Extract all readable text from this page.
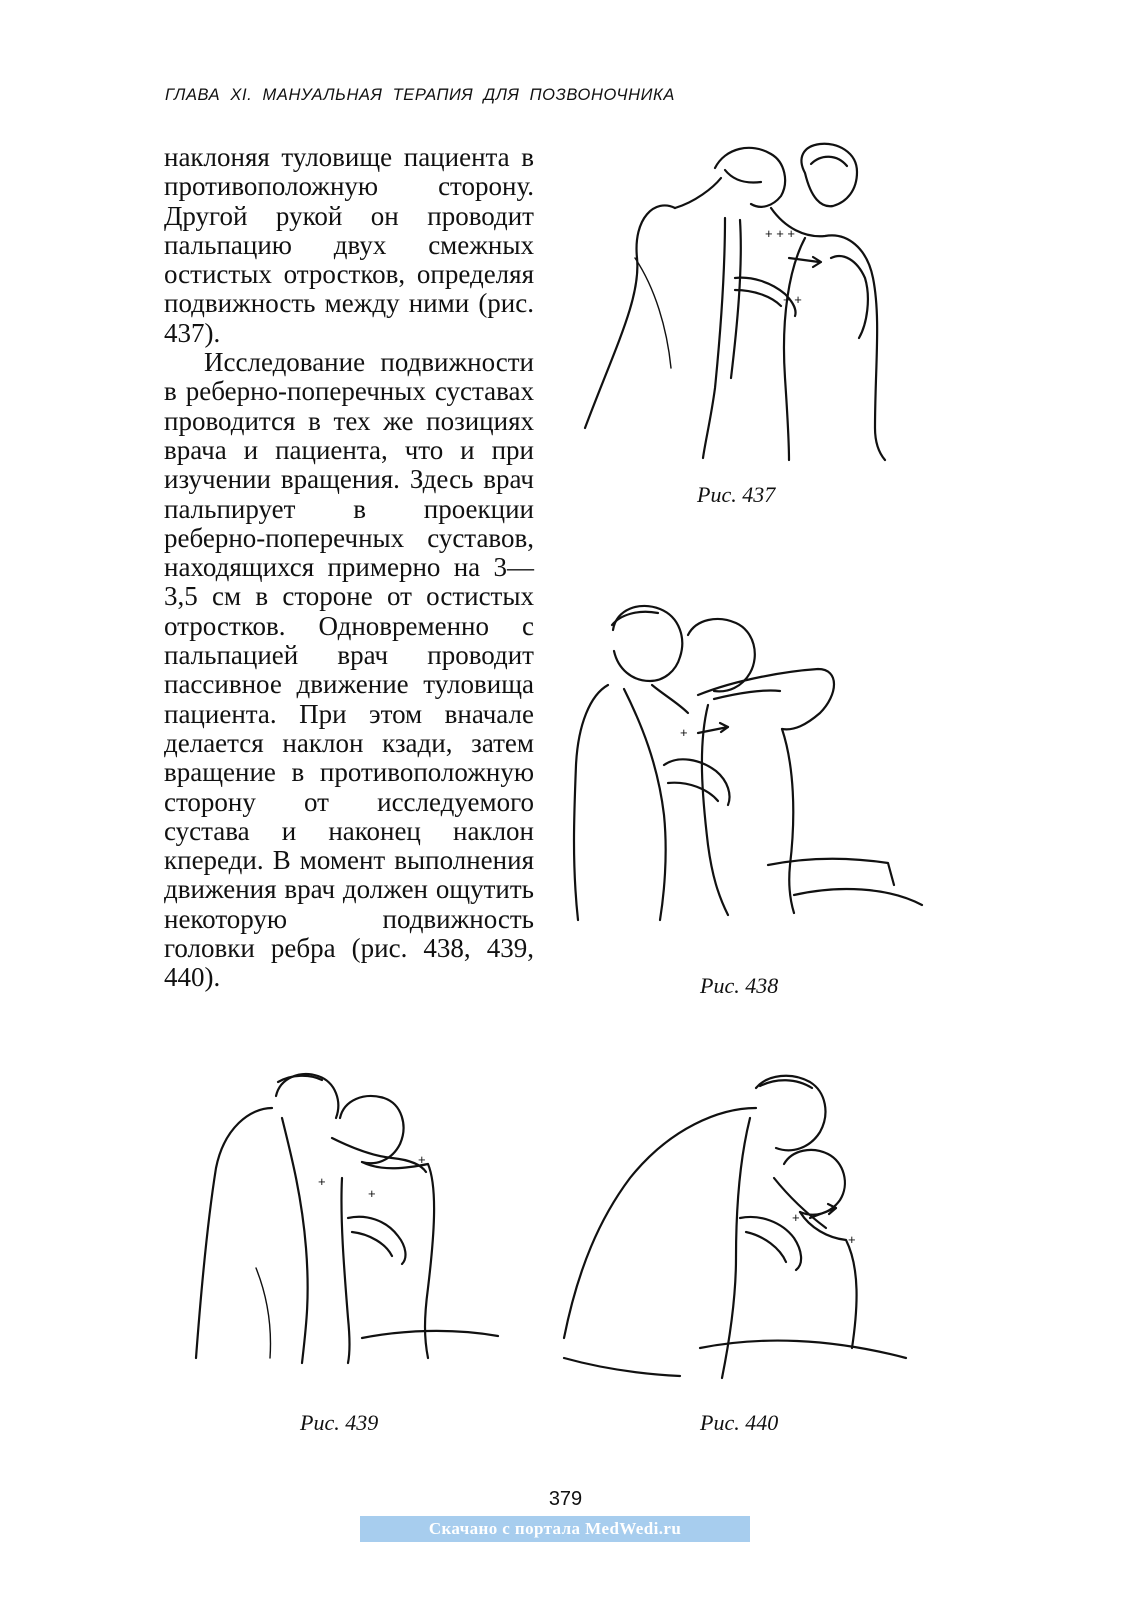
ГЛАВА XI. МАНУАЛЬНАЯ ТЕРАПИЯ ДЛЯ ПОЗВОНОЧНИКА

наклоняя туловище пациента в противоположную сторону. Другой рукой он проводит пальпацию двух смежных остистых отростков, определяя подвижность между ними (рис. 437).

Исследование подвижности в реберно-поперечных суставах проводится в тех же позициях врача и пациента, что и при изучении вращения. Здесь врач пальпирует в проекции реберно-поперечных суставов, находящихся примерно на 3—3,5 см в стороне от остистых отростков. Одновременно с пальпацией врач проводит пассивное движение туловища пациента. При этом вначале делается наклон кзади, затем вращение в противоположную сторону от исследуемого сустава и наконец наклон кпереди. В момент выполнения движения врач должен ощутить некоторую подвижность головки ребра (рис. 438, 439, 440).

+ + +
+ +
Рис. 437
+
Рис. 438
+
+
+
Рис. 439
+
+
Рис. 440
379
Скачано с портала MedWedi.ru
